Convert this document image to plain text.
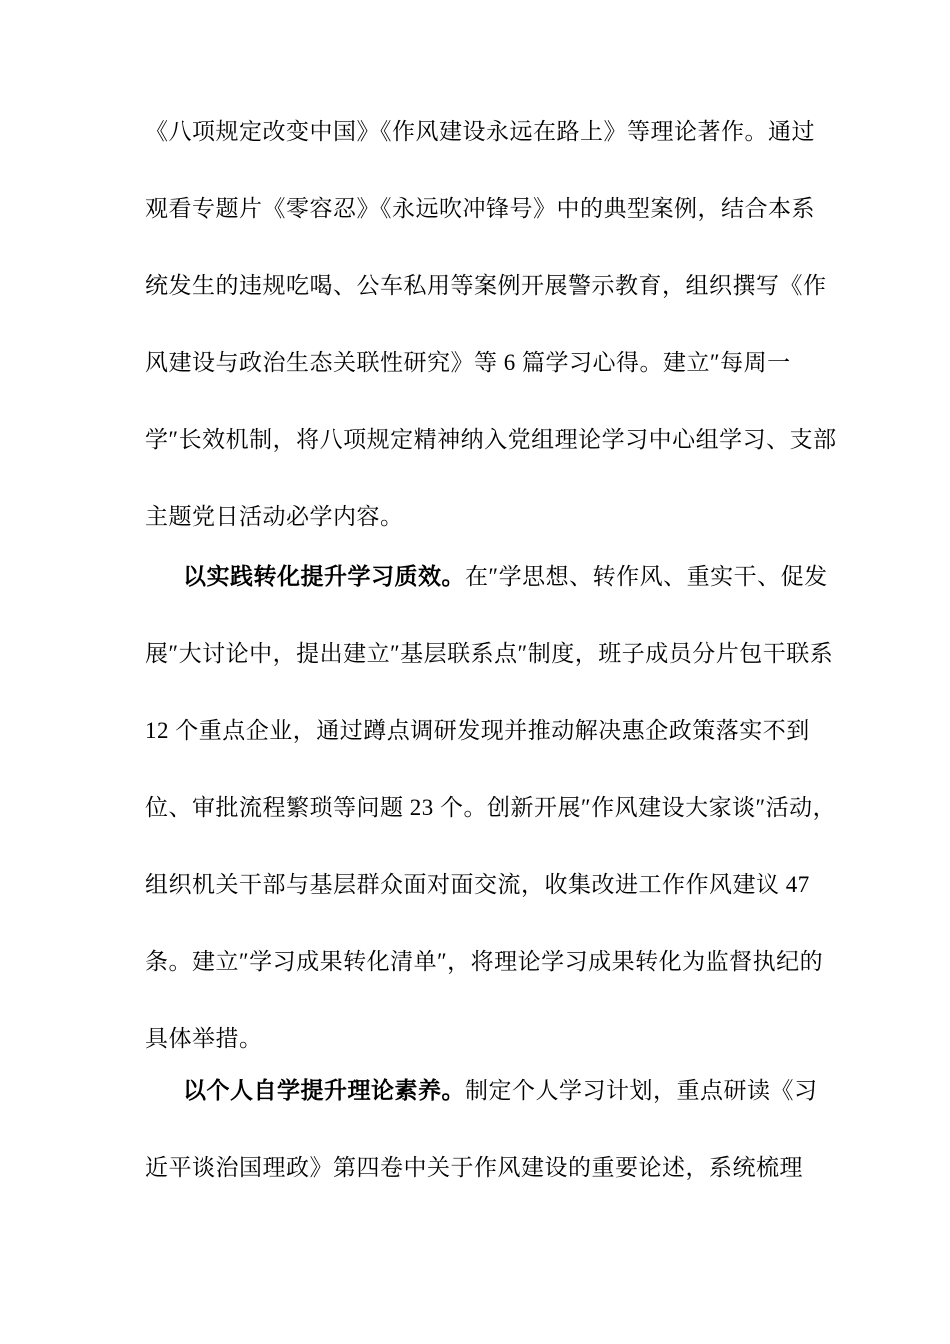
《八项规定改变中国》《作风建设永远在路上》等理论著作。通过
观看专题片《零容忍》《永远吹冲锋号》中的典型案例，结合本系
统发生的违规吃喝、公车私用等案例开展警示教育，组织撰写《作
风建设与政治生态关联性研究》等 6 篇学习心得。建立″每周一
学″长效机制，将八项规定精神纳入党组理论学习中心组学习、支部
主题党日活动必学内容。
以实践转化提升学习质效。在″学思想、转作风、重实干、促发
展″大讨论中，提出建立″基层联系点″制度，班子成员分片包干联系
12 个重点企业，通过蹲点调研发现并推动解决惠企政策落实不到
位、审批流程繁琐等问题 23 个。创新开展″作风建设大家谈″活动，
组织机关干部与基层群众面对面交流，收集改进工作作风建议 47
条。建立″学习成果转化清单″，将理论学习成果转化为监督执纪的
具体举措。
以个人自学提升理论素养。制定个人学习计划，重点研读《习
近平谈治国理政》第四卷中关于作风建设的重要论述，系统梳理
